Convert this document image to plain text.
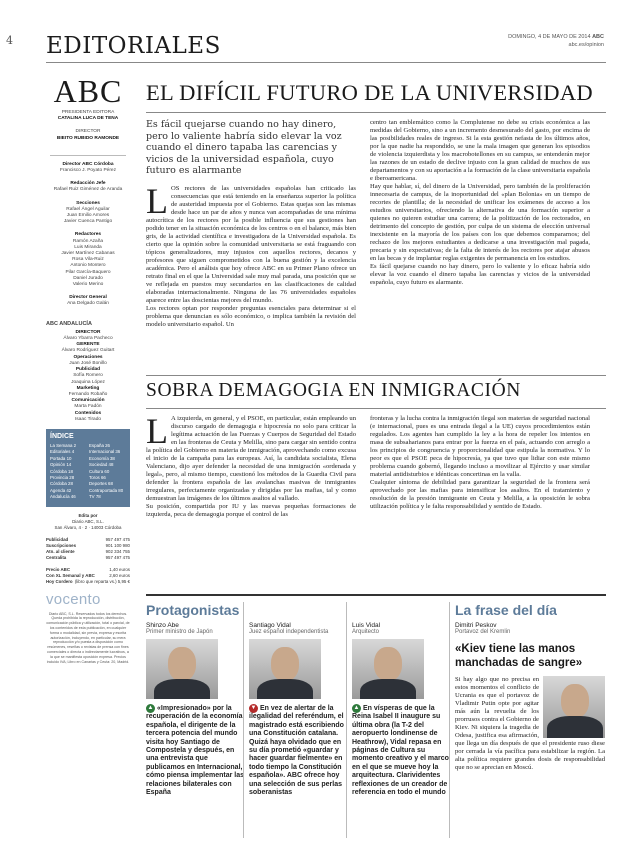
4 EDITORIALES	DOMINGO, 4 DE MAYO DE 2014 ABC
abc.es/opinion
ABC
PRESIDENTA EDITORA
CATALINA LUCA DE TENA
DIRECTOR
BIEITO RUBIDO RAMONDE
Director ABC Córdoba
Francisco J. Poyato Pérez
Redacción Jefe
Rafael Ruiz Giménez de Aranda
Secciones
Rafael Ángel Aguilar
Juan Emilio Amores
Javier Cuenca Pantigo
Redactores
Ramón Azaña
Luis Miranda
Javier Martínez Cabanas
Rosa Vila-Ruiz
Antonio Montero
Pilar García-Baquero
Daniel Jurado
Valerio Merino
Director General
Ana Delgado Galán
ABC ANDALUCÍA
DIRECTOR
Álvaro Ybarra Pacheco
GERENTE
Álvaro Rodríguez Guitart
Operaciones
Juan José Bonillo
Publicidad
Sofía Romero
Joaquina López
Marketing
Fernando Robaño
Comunicación
Marta Fadón
Contenidos
Isaac Tirado
ÍNDICE
La Semana 2	España 26
Editoriales 4	Internacional 36
Portada 10	Economía 38
Opinión 14	Sociedad 48
Córdoba 18	Cultura 60
Provincia 28	Toros 66
Córdoba 28	Deportes 68
Agenda 42	Contraportada 80
Andalucía 46	TV 78
Edita por
Diario ABC, S.L.
San Álvaro, 4 · 2 · 14003 Córdoba
Publicidad	957 497 475
Suscripciones	901 100 980
Atn. al cliente	902 334 755
Centralita	957 497 475
Precio ABC	1,40 euros
Con XL Semanal y ABC	2,60 euros
Hoy Cordero (libro que reparta vs.) 5,95 €
vocento
Diario ABC, S.L. Reservados todos los derechos. Queda prohibida la reproducción, distribución, comunicación pública y utilización, total o parcial, de los contenidos de esta publicación, en cualquier forma o modalidad, sin previa, expresa y escrita autorización, incluyendo, en particular, su mera reproducción y/o puesta a disposición como resúmenes, reseñas o revistas de prensa con fines comerciales o directa o indirectamente lucrativos, a la que se manifiesta oposición expresa. Precios incluido IVA; Libro en Canarias y Ceuta: 20, Madrid.
EL DIFÍCIL FUTURO DE LA UNIVERSIDAD
Es fácil quejarse cuando no hay dinero, pero lo valiente habría sido elevar la voz cuando el dinero tapaba las carencias y vicios de la universidad española, cuyo futuro es alarmante
L OS rectores de las universidades españolas han criticado las consecuencias que está teniendo en la enseñanza superior la política de austeridad impuesta por el Gobierno. Estas quejas son las mismas desde hace un par de años y nunca van acompañadas de una mínima autocrítica de los rectores por la posible influencia que sus gestiones han podido tener en la situación económica de los centros o en el balance, más bien gris, de la actividad científica e investigadora de la Universidad española. Es cierto que la opinión sobre la comunidad universitaria se está fraguando con tópicos generalizadores, muy injustos con aquellos rectores, decanos y profesores que siguen comprometidos con la buena gestión y la excelencia académica. Pero el análisis que hoy ofrece ABC en su Primer Plano ofrece un retrato final en el que la Universidad sale muy mal parada, una posición que se ve reflejada en puestos muy secundarios en las clasificaciones de calidad elaboradas internacionalmente. Ninguna de las 76 universidades españoles aparece entre las doscientas mejores del mundo.
Los rectores optan por responder preguntas esenciales para determinar si el problema que denuncian es sólo económico, o implica también la revisión del modelo universitario español. Un
centro tan emblemático como la Complutense no debe su crisis económica a las medidas del Gobierno, sino a un incremento desmesurado del gasto, por encima de las posibilidades reales de ingreso. Si la esta gestión nefasta de los últimos años, por la que nadie ha respondido, se une la mala imagen que generan los episodios de violencia izquierdista y los macrobotellones en su campus, se entenderán mejor las razones de un estado de declive injusto con la gran calidad de muchos de sus departamentos y con su aportación a la formación de la clase universitaria española e iberoamericana.
Hay que hablar, sí, del dinero de la Universidad, pero también de la proliferación innecesaria de campus, de la inoportunidad del «plan Bolonia» en un tiempo de recortes de plantilla; de la necesidad de unificar los exámenes de acceso a los estudios universitarios, ofreciendo la alternativa de una formación superior a quienes no quieren estudiar una carrera; de la politización de los rectorados, en detrimento del concepto de gestión, por culpa de un sistema de elección universal inexistente en la mayoría de los países con los que debemos compararnos; del rechazo de los mejores estudiantes a dedicarse a una investigación mal pagada, precaria y sin expectativas; de la falta de interés de los rectores por atajar abusos en las becas y de implantar reglas exigentes de permanencia en los estudios.
Es fácil quejarse cuando no hay dinero, pero lo valiente y lo eficaz habría sido elevar la voz cuando el dinero tapaba las carencias y vicios de la universidad española, cuyo futuro es alarmante.
SOBRA DEMAGOGIA EN INMIGRACIÓN
L A izquierda, en general, y el PSOE, en particular, están empleando un discurso cargado de demagogia e hipocresía no solo para criticar la legítima actuación de las Fuerzas y Cuerpos de Seguridad del Estado en las fronteras de Ceuta y Melilla, sino para cargar sin sentido contra la política del Gobierno en materia de inmigración, aprovechando como excusa el inicio de la campaña para las europeas. Así, la candidata socialista, Elena Valenciano, dijo ayer defender la necesidad de una inmigración «ordenada y legal», pero, al mismo tiempo, cuestionó los métodos de la Guardia Civil para defender la frontera española de las avalanchas masivas de inmigrantes irregulares, perfectamente organizadas y dirigidas por las mafias, tal y como demuestran las imágenes de los últimos asaltos al vallado.
Su posición, compartida por IU y las nuevas pequeñas formaciones de izquierda, peca de demagogia porque el control de las
fronteras y la lucha contra la inmigración ilegal son materias de seguridad nacional (e internacional, pues es una entrada ilegal a la UE) cuyos procedimientos están regulados. Los agentes han cumplido la ley a la hora de repeler los intentos en masa de subsaharianos para entrar por la fuerza en el país, actuando con arreglo a los principios de congruencia y proporcionalidad que estipula la normativa. Y lo peor es que el PSOE peca de hipocresía, ya que tuvo que lidiar con este mismo problema cuando gobernó, llegando incluso a movilizar al Ejército y usar similar material antidisturbios e idénticas concertinas en la valla.
Cualquier síntoma de debilidad para garantizar la seguridad de la frontera será aprovechado por las mafias para intensificar los asaltos. En el tratamiento y resolución de la presión inmigrante en Ceuta y Melilla, a la oposición le sobra utilización política y le falta responsabilidad y sentido de Estado.
Protagonistas	La frase del día
Shinzo Abe
Primer ministro de Japón
▲ «Impresionado» por la recuperación de la economía española, el dirigente de la tercera potencia del mundo visita hoy Santiago de Compostela y después, en una entrevista que publicamos en Internacional, cómo piensa implementar las relaciones bilaterales con España
Santiago Vidal
Juez español independentista
▼ En vez de alertar de la ilegalidad del referéndum, el magistrado está escribiendo una Constitución catalana. Quizá haya olvidado que en su día prometió «guardar y hacer guardar fielmente» en todo tiempo la Constitución española». ABC ofrece hoy una selección de sus perlas soberanistas
Luis Vidal
Arquitecto
▲ En vísperas de que la Reina Isabel II inaugure su última obra (la T-2 del aeropuerto londinense de Heathrow), Vidal repasa en páginas de Cultura su momento creativo y el marco en el que se mueve hoy la arquitectura. Clarividentes reflexiones de un creador de referencia en todo el mundo
Dimitri Peskov
Portavoz del Kremlin
«Kiev tiene las manos manchadas de sangre»
Si hay algo que no precisa en estos momentos el conflicto de Ucrania es que el portavoz de Vladimir Putin opte por agitar más aún la revuelta de los prorrusos contra el Gobierno de Kiev. Ni siquiera la tragedia de Odesa, justifica esa afirmación, que llega un día después de que el presidente ruso diese por cerrada la vía pacífica para estabilizar la región. La alta política requiere grandes dosis de responsabilidad que no se aprecian en Moscú.
